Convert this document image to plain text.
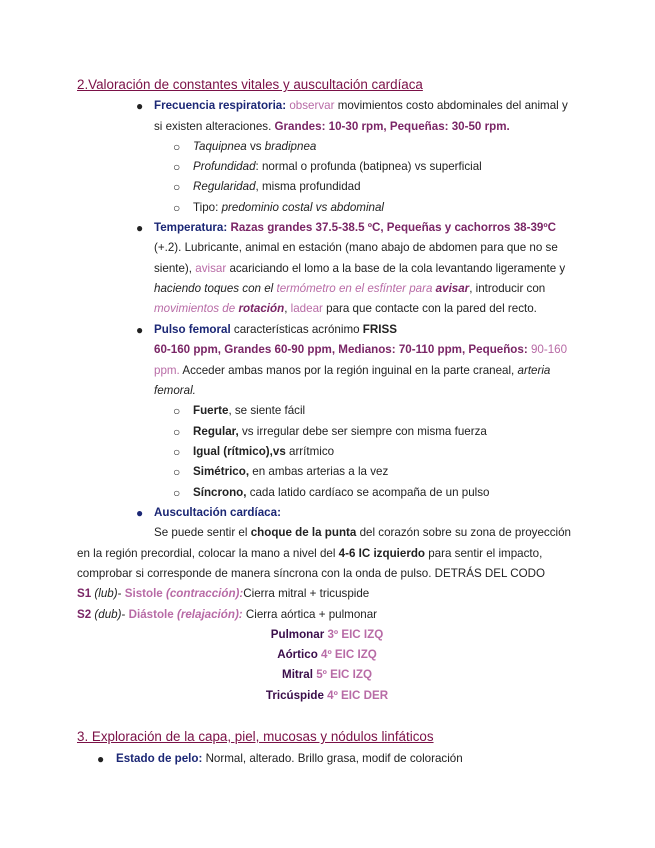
2.Valoración de constantes vitales y auscultación cardíaca
● Frecuencia respiratoria: observar movimientos costo abdominales del animal y
si existen alteraciones. Grandes: 10-30 rpm, Pequeñas: 30-50 rpm.
○ Taquipnea vs bradipnea
○ Profundidad: normal o profunda (batipnea) vs superficial
○ Regularidad, misma profundidad
○ Tipo: predominio costal vs abdominal
● Temperatura: Razas grandes 37.5-38.5 ºC, Pequeñas y cachorros 38-39ºC
(+.2). Lubricante, animal en estación (mano abajo de abdomen para que no se
siente), avisar acariciando el lomo a la base de la cola levantando ligeramente y
haciendo toques con el termómetro en el esfínter para avisar, introducir con
movimientos de rotación, ladear para que contacte con la pared del recto.
● Pulso femoral características acrónimo FRISS
60-160 ppm, Grandes 60-90 ppm, Medianos: 70-110 ppm, Pequeños: 90-160
ppm. Acceder ambas manos por la región inguinal en la parte craneal, arteria
femoral.
○ Fuerte, se siente fácil
○ Regular, vs irregular debe ser siempre con misma fuerza
○ Igual (rítmico),vs arrítmico
○ Simétrico, en ambas arterias a la vez
○ Síncrono, cada latido cardíaco se acompaña de un pulso
● Auscultación cardíaca:
Se puede sentir el choque de la punta del corazón sobre su zona de proyección
en la región precordial, colocar la mano a nivel del 4-6 IC izquierdo para sentir el impacto,
comprobar si corresponde de manera síncrona con la onda de pulso. DETRÁS DEL CODO
S1 (lub)- Sistole (contracción):Cierra mitral + tricuspide
S2 (dub)- Diástole (relajación): Cierra aórtica + pulmonar
Pulmonar 3º EIC IZQ
Aórtico 4º EIC IZQ
Mitral 5º EIC IZQ
Tricúspide 4º EIC DER
3. Exploración de la capa, piel, mucosas y nódulos linfáticos
● Estado de pelo: Normal, alterado. Brillo grasa, modif de coloración
